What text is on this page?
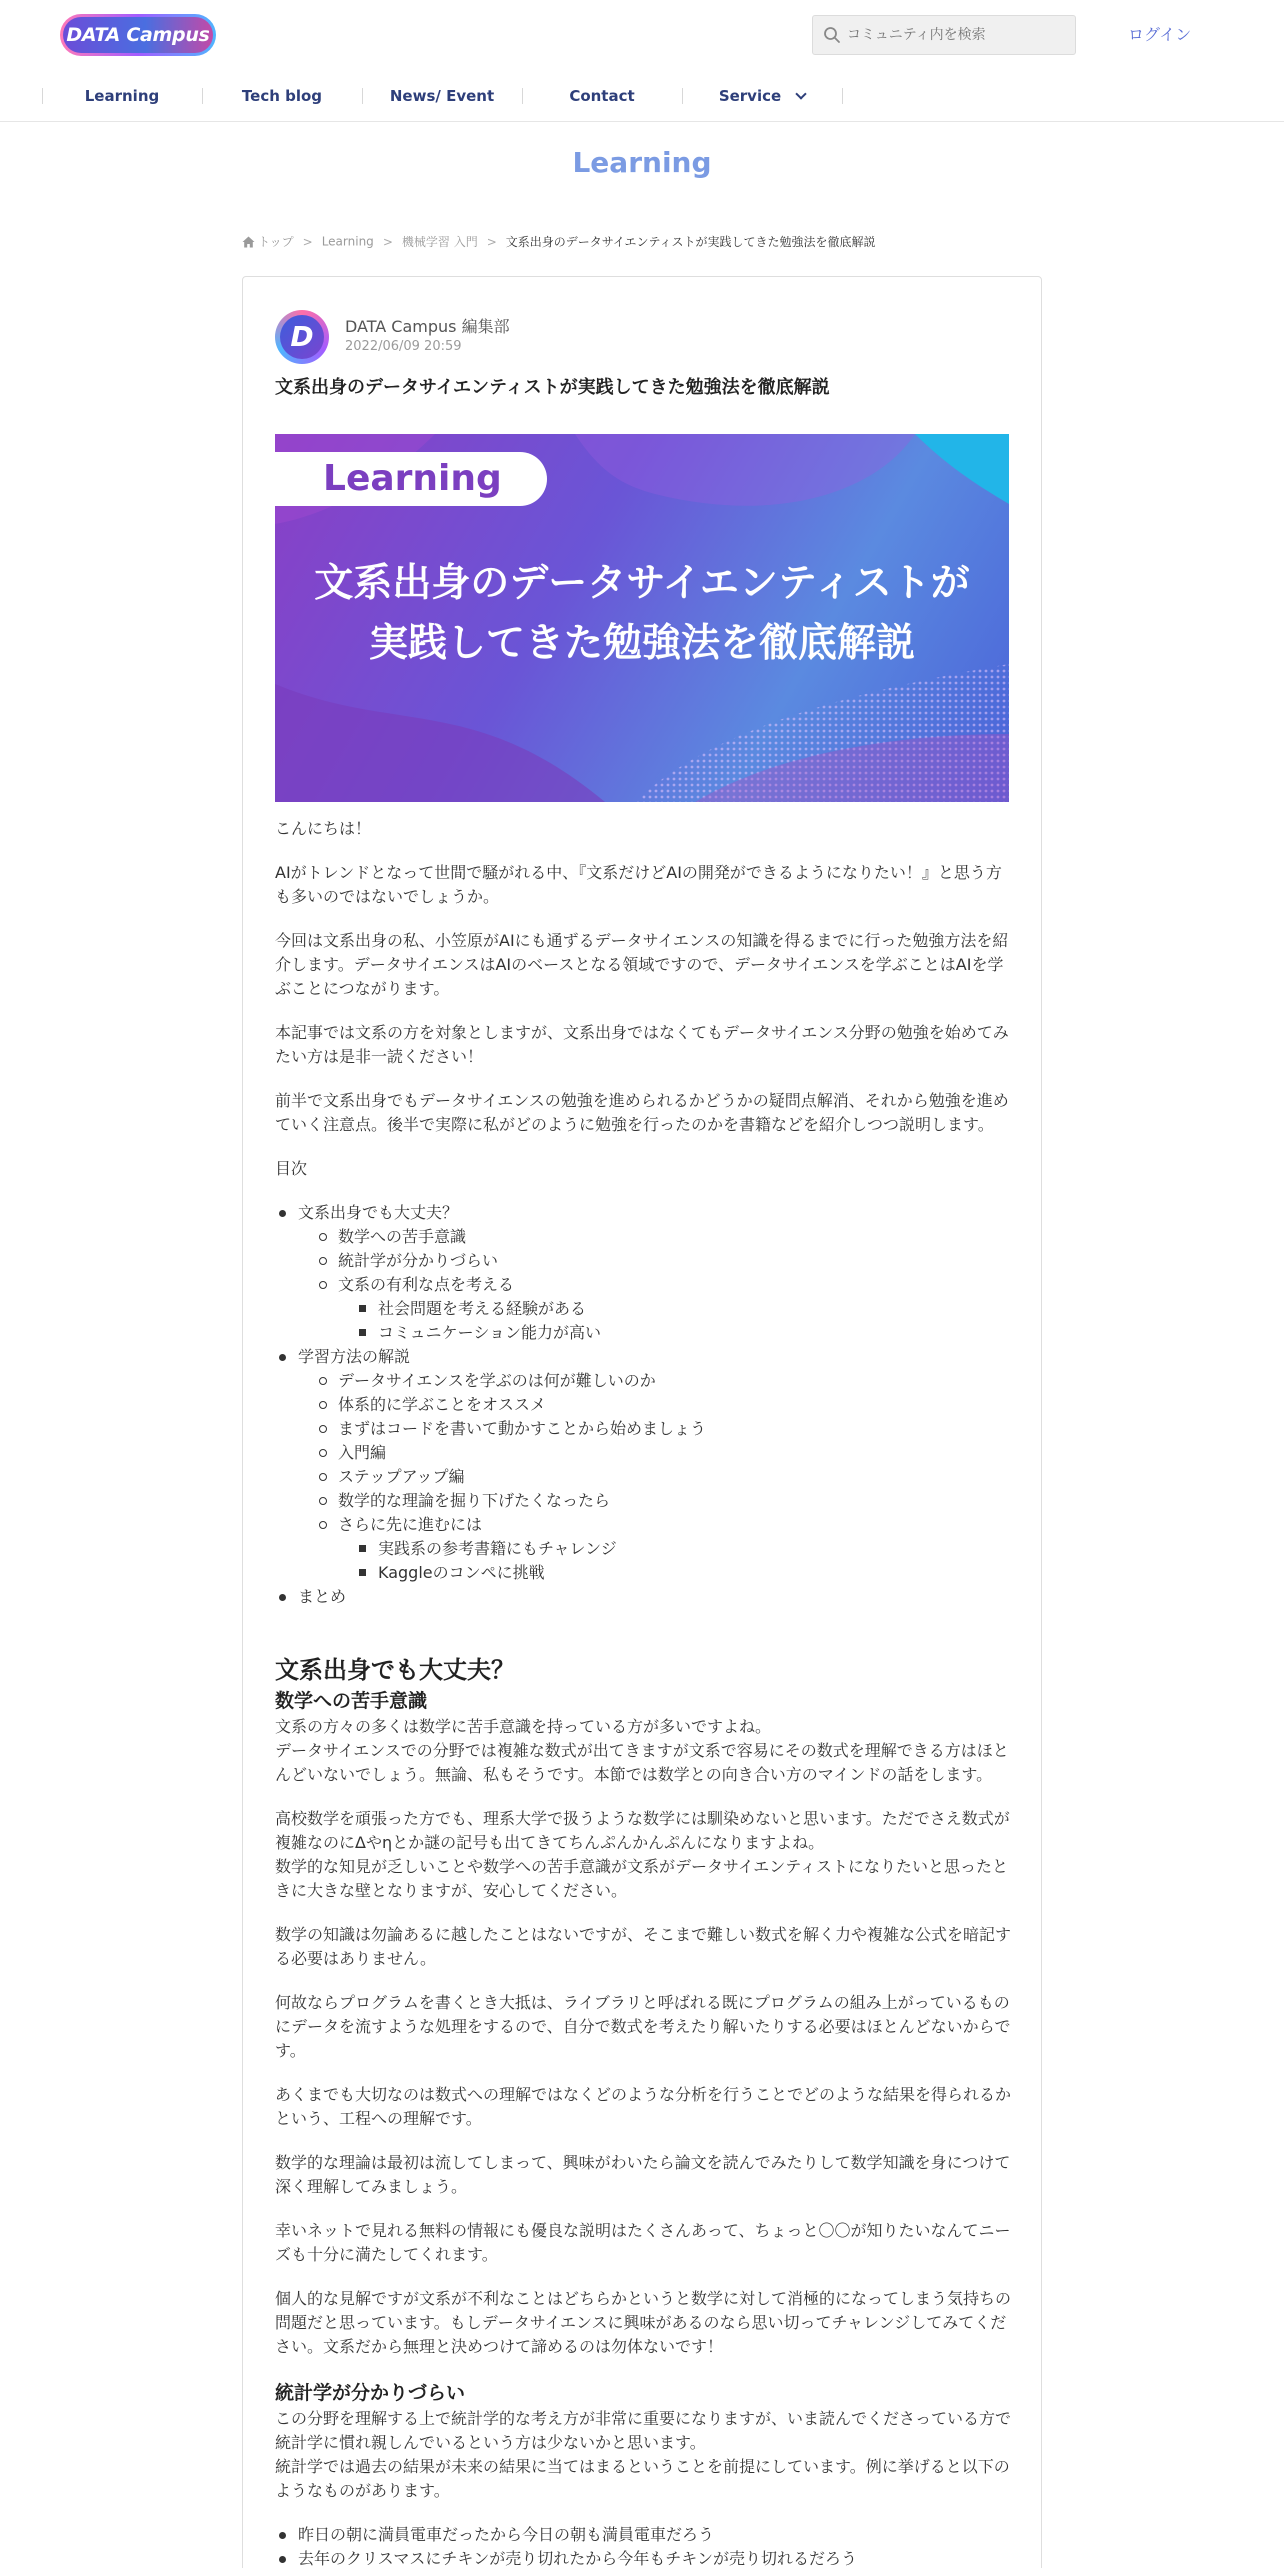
DATA Campus
コミュニティ内を検索	ログイン
Learning	Tech blog	News/ Event	Contact	Service
Learning
トップ > Learning > 機械学習 入門 > 文系出身のデータサイエンティストが実践してきた勉強法を徹底解説
D	DATA Campus 編集部
2022/06/09 20:59
文系出身のデータサイエンティストが実践してきた勉強法を徹底解説
Learning
文系出身のデータサイエンティストが
実践してきた勉強法を徹底解説

こんにちは！

AIがトレンドとなって世間で騒がれる中、『文系だけどAIの開発ができるようになりたい！』と思う方も多いのではないでしょうか。

今回は文系出身の私、小笠原がAIにも通ずるデータサイエンスの知識を得るまでに行った勉強方法を紹介します。データサイエンスはAIのベースとなる領域ですので、データサイエンスを学ぶことはAIを学ぶことにつながります。

本記事では文系の方を対象としますが、文系出身ではなくてもデータサイエンス分野の勉強を始めてみたい方は是非一読ください！

前半で文系出身でもデータサイエンスの勉強を進められるかどうかの疑問点解消、それから勉強を進めていく注意点。後半で実際に私がどのように勉強を行ったのかを書籍などを紹介しつつ説明します。

目次

文系出身でも大丈夫？
数学への苦手意識
統計学が分かりづらい
文系の有利な点を考える
社会問題を考える経験がある
コミュニケーション能力が高い
学習方法の解説
データサイエンスを学ぶのは何が難しいのか
体系的に学ぶことをオススメ
まずはコードを書いて動かすことから始めましょう
入門編
ステップアップ編
数学的な理論を掘り下げたくなったら
さらに先に進むには
実践系の参考書籍にもチャレンジ
Kaggleのコンペに挑戦
まとめ
文系出身でも大丈夫？
数学への苦手意識

文系の方々の多くは数学に苦手意識を持っている方が多いですよね。
データサイエンスでの分野では複雑な数式が出てきますが文系で容易にその数式を理解できる方はほとんどいないでしょう。無論、私もそうです。本節では数学との向き合い方のマインドの話をします。

高校数学を頑張った方でも、理系大学で扱うような数学には馴染めないと思います。ただでさえ数式が複雑なのにΔやηとか謎の記号も出てきてちんぷんかんぷんになりますよね。
数学的な知見が乏しいことや数学への苦手意識が文系がデータサイエンティストになりたいと思ったときに大きな壁となりますが、安心してください。

数学の知識は勿論あるに越したことはないですが、そこまで難しい数式を解く力や複雑な公式を暗記する必要はありません。

何故ならプログラムを書くとき大抵は、ライブラリと呼ばれる既にプログラムの組み上がっているものにデータを流すような処理をするので、自分で数式を考えたり解いたりする必要はほとんどないからです。

あくまでも大切なのは数式への理解ではなくどのような分析を行うことでどのような結果を得られるかという、工程への理解です。

数学的な理論は最初は流してしまって、興味がわいたら論文を読んでみたりして数学知識を身につけて深く理解してみましょう。

幸いネットで見れる無料の情報にも優良な説明はたくさんあって、ちょっと〇〇が知りたいなんてニーズも十分に満たしてくれます。

個人的な見解ですが文系が不利なことはどちらかというと数学に対して消極的になってしまう気持ちの問題だと思っています。もしデータサイエンスに興味があるのなら思い切ってチャレンジしてみてください。文系だから無理と決めつけて諦めるのは勿体ないです！

統計学が分かりづらい

この分野を理解する上で統計学的な考え方が非常に重要になりますが、いま読んでくださっている方で統計学に慣れ親しんでいるという方は少ないかと思います。
統計学では過去の結果が未来の結果に当てはまるということを前提にしています。例に挙げると以下のようなものがあります。

昨日の朝に満員電車だったから今日の朝も満員電車だろう
去年のクリスマスにチキンが売り切れたから今年もチキンが売り切れるだろう
